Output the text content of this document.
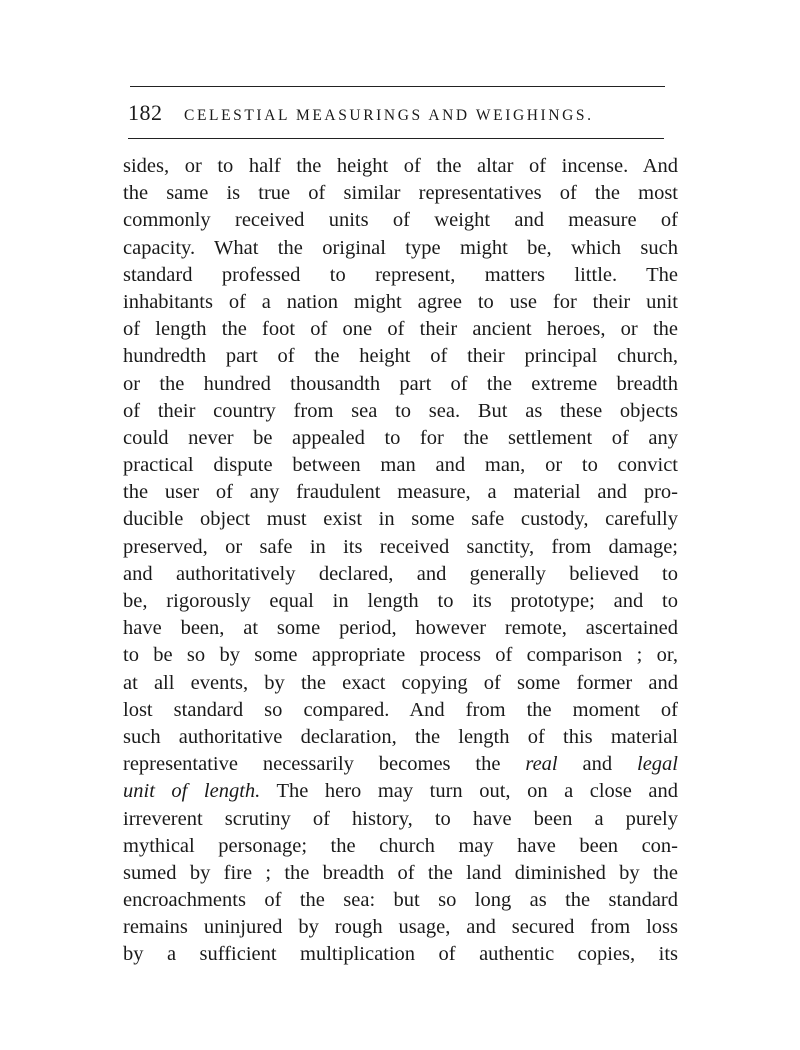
182	CELESTIAL MEASURINGS AND WEIGHINGS.
sides, or to half the height of the altar of incense. And
the same is true of similar representatives of the most
commonly received units of weight and measure of
capacity. What the original type might be, which such
standard professed to represent, matters little. The
inhabitants of a nation might agree to use for their unit
of length the foot of one of their ancient heroes, or the
hundredth part of the height of their principal church,
or the hundred thousandth part of the extreme breadth
of their country from sea to sea. But as these objects
could never be appealed to for the settlement of any
practical dispute between man and man, or to convict
the user of any fraudulent measure, a material and pro-
ducible object must exist in some safe custody, carefully
preserved, or safe in its received sanctity, from damage;
and authoritatively declared, and generally believed to
be, rigorously equal in length to its prototype; and to
have been, at some period, however remote, ascertained
to be so by some appropriate process of comparison ; or,
at all events, by the exact copying of some former and
lost standard so compared. And from the moment of
such authoritative declaration, the length of this material
representative necessarily becomes the real and legal
unit of length. The hero may turn out, on a close and
irreverent scrutiny of history, to have been a purely
mythical personage; the church may have been con-
sumed by fire ; the breadth of the land diminished by the
encroachments of the sea: but so long as the standard
remains uninjured by rough usage, and secured from loss
by a sufficient multiplication of authentic copies, its
